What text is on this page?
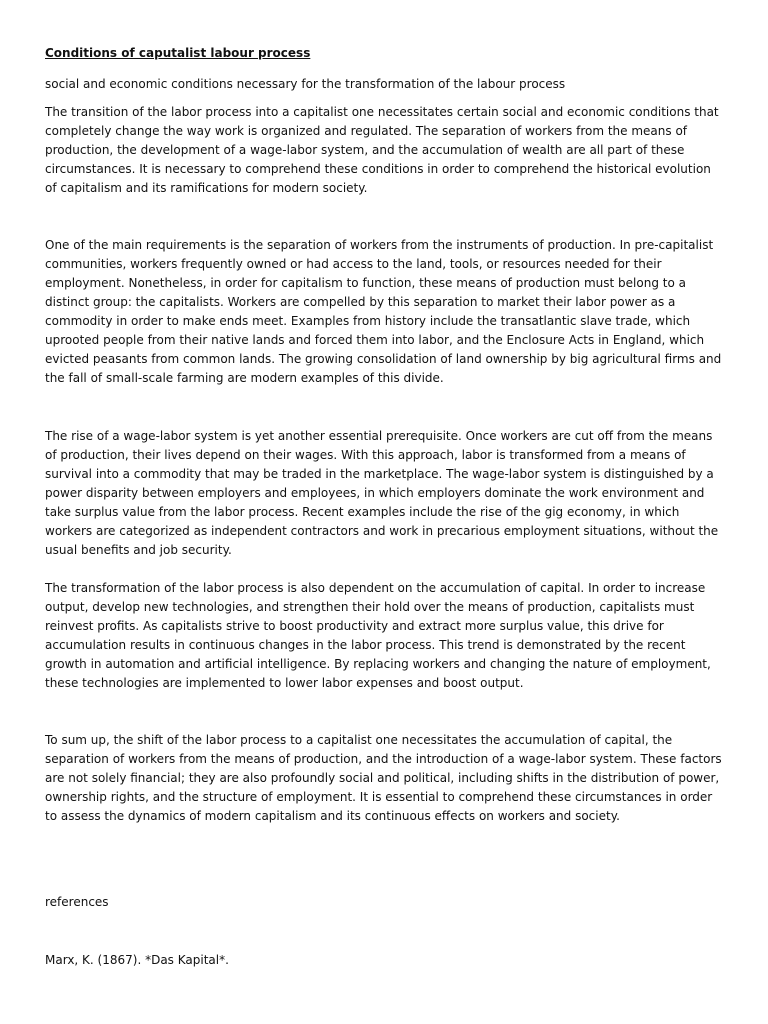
Conditions of caputalist labour process

social and economic conditions necessary for the transformation of the labour process

The transition of the labor process into a capitalist one necessitates certain social and economic conditions that completely change the way work is organized and regulated. The separation of workers from the means of production, the development of a wage-labor system, and the accumulation of wealth are all part of these circumstances. It is necessary to comprehend these conditions in order to comprehend the historical evolution of capitalism and its ramifications for modern society.

One of the main requirements is the separation of workers from the instruments of production. In pre-capitalist communities, workers frequently owned or had access to the land, tools, or resources needed for their employment. Nonetheless, in order for capitalism to function, these means of production must belong to a distinct group: the capitalists. Workers are compelled by this separation to market their labor power as a commodity in order to make ends meet. Examples from history include the transatlantic slave trade, which uprooted people from their native lands and forced them into labor, and the Enclosure Acts in England, which evicted peasants from common lands. The growing consolidation of land ownership by big agricultural firms and the fall of small-scale farming are modern examples of this divide.

The rise of a wage-labor system is yet another essential prerequisite. Once workers are cut off from the means of production, their lives depend on their wages. With this approach, labor is transformed from a means of survival into a commodity that may be traded in the marketplace. The wage-labor system is distinguished by a power disparity between employers and employees, in which employers dominate the work environment and take surplus value from the labor process. Recent examples include the rise of the gig economy, in which workers are categorized as independent contractors and work in precarious employment situations, without the usual benefits and job security.

The transformation of the labor process is also dependent on the accumulation of capital. In order to increase output, develop new technologies, and strengthen their hold over the means of production, capitalists must reinvest profits. As capitalists strive to boost productivity and extract more surplus value, this drive for accumulation results in continuous changes in the labor process. This trend is demonstrated by the recent growth in automation and artificial intelligence. By replacing workers and changing the nature of employment, these technologies are implemented to lower labor expenses and boost output.

To sum up, the shift of the labor process to a capitalist one necessitates the accumulation of capital, the separation of workers from the means of production, and the introduction of a wage-labor system. These factors are not solely financial; they are also profoundly social and political, including shifts in the distribution of power, ownership rights, and the structure of employment. It is essential to comprehend these circumstances in order to assess the dynamics of modern capitalism and its continuous effects on workers and society.

references

Marx, K. (1867). *Das Kapital*.
